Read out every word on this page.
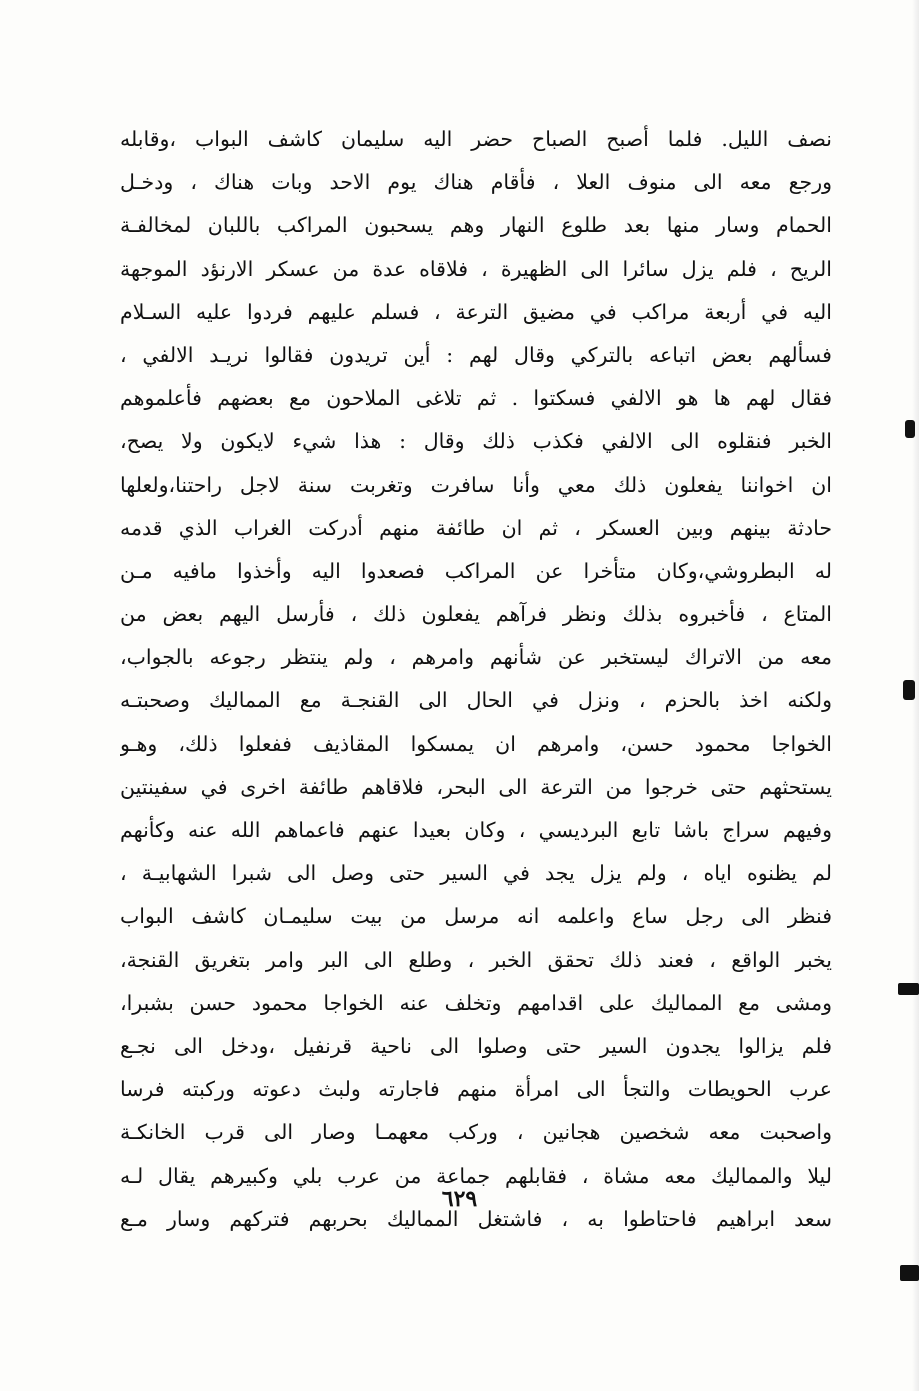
نصف الليل. فلما أصبح الصباح حضر اليه سليمان كاشف البواب ،وقابله
ورجع معه الى منوف العلا ، فأقام هناك يوم الاحد وبات هناك ، ودخـل
الحمام وسار منها بعد طلوع النهار وهم يسحبون المراكب باللبان لمخالفـة
الريح ، فلم يزل سائرا الى الظهيرة ، فلاقاه عدة من عسكر الارنؤد الموجهة
اليه في أربعة مراكب في مضيق الترعة ، فسلم عليهم فردوا عليه السـلام
فسألهم بعض اتباعه بالتركي وقال لهم : أين تريدون فقالوا نريـد الالفي ،
فقال لهم ها هو الالفي فسكتوا . ثم تلاغى الملاحون مع بعضهم فأعلموهم
الخبر فنقلوه الى الالفي فكذب ذلك وقال : هذا شيء لايكون ولا يصح،
ان اخواننا يفعلون ذلك معي وأنا سافرت وتغربت سنة لاجل راحتنا،ولعلها
حادثة بينهم وبين العسكر ، ثم ان طائفة منهم أدركت الغراب الذي قدمه
له البطروشي،وكان متأخرا عن المراكب فصعدوا اليه وأخذوا مافيه مـن
المتاع ، فأخبروه بذلك ونظر فرآهم يفعلون ذلك ، فأرسل اليهم بعض من
معه من الاتراك ليستخبر عن شأنهم وامرهم ، ولم ينتظر رجوعه بالجواب،
ولكنه اخذ بالحزم ، ونزل في الحال الى القنجـة مع المماليك وصحبتـه
الخواجا محمود حسن، وامرهم ان يمسكوا المقاذيف ففعلوا ذلك، وهـو
يستحثهم حتى خرجوا من الترعة الى البحر، فلاقاهم طائفة اخرى في سفينتين
وفيهم سراج باشا تابع البرديسي ، وكان بعيدا عنهم فاعماهم الله عنه وكأنهم
لم يظنوه اياه ، ولم يزل يجد في السير حتى وصل الى شبرا الشهابيـة ،
فنظر الى رجل ساع واعلمه انه مرسل من بيت سليمـان كاشف البواب
يخبر الواقع ، فعند ذلك تحقق الخبر ، وطلع الى البر وامر بتغريق القنجة،
ومشى مع المماليك على اقدامهم وتخلف عنه الخواجا محمود حسن بشبرا،
فلم يزالوا يجدون السير حتى وصلوا الى ناحية قرنفيل ،ودخل الى نجـع
عرب الحويطات والتجأ الى امرأة منهم فاجارته ولبث دعوته وركبته فرسا
واصحبت معه شخصين هجانين ، وركب معهمـا وصار الى قرب الخانكـة
ليلا والمماليك معه مشاة ، فقابلهم جماعة من عرب بلي وكبيرهم يقال لـه
سعد ابراهيم فاحتاطوا به ، فاشتغل المماليك بحربهم فتركهم وسار مـع
٦٢٩
